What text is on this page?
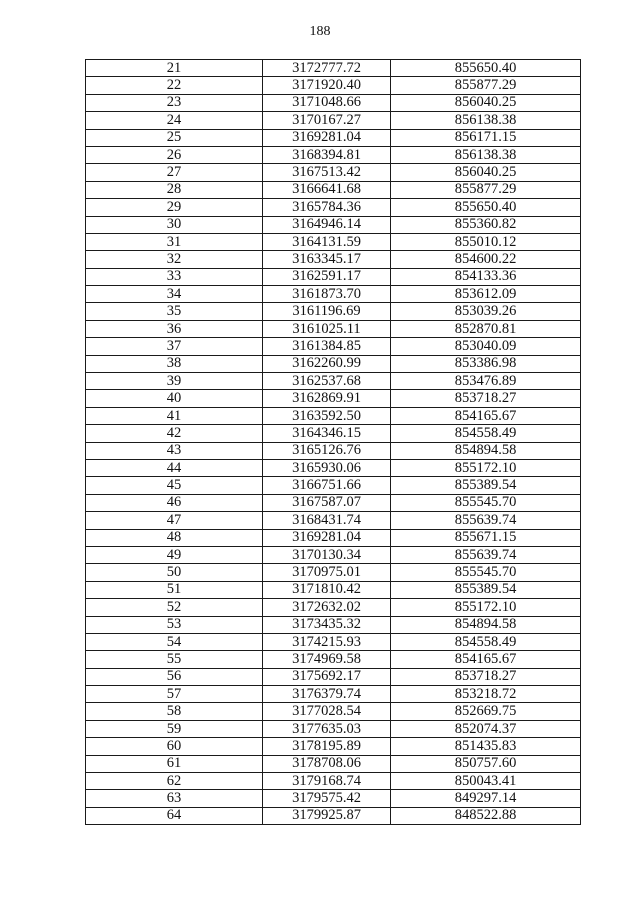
188
21	3172777.72	855650.40
22	3171920.40	855877.29
23	3171048.66	856040.25
24	3170167.27	856138.38
25	3169281.04	856171.15
26	3168394.81	856138.38
27	3167513.42	856040.25
28	3166641.68	855877.29
29	3165784.36	855650.40
30	3164946.14	855360.82
31	3164131.59	855010.12
32	3163345.17	854600.22
33	3162591.17	854133.36
34	3161873.70	853612.09
35	3161196.69	853039.26
36	3161025.11	852870.81
37	3161384.85	853040.09
38	3162260.99	853386.98
39	3162537.68	853476.89
40	3162869.91	853718.27
41	3163592.50	854165.67
42	3164346.15	854558.49
43	3165126.76	854894.58
44	3165930.06	855172.10
45	3166751.66	855389.54
46	3167587.07	855545.70
47	3168431.74	855639.74
48	3169281.04	855671.15
49	3170130.34	855639.74
50	3170975.01	855545.70
51	3171810.42	855389.54
52	3172632.02	855172.10
53	3173435.32	854894.58
54	3174215.93	854558.49
55	3174969.58	854165.67
56	3175692.17	853718.27
57	3176379.74	853218.72
58	3177028.54	852669.75
59	3177635.03	852074.37
60	3178195.89	851435.83
61	3178708.06	850757.60
62	3179168.74	850043.41
63	3179575.42	849297.14
64	3179925.87	848522.88
